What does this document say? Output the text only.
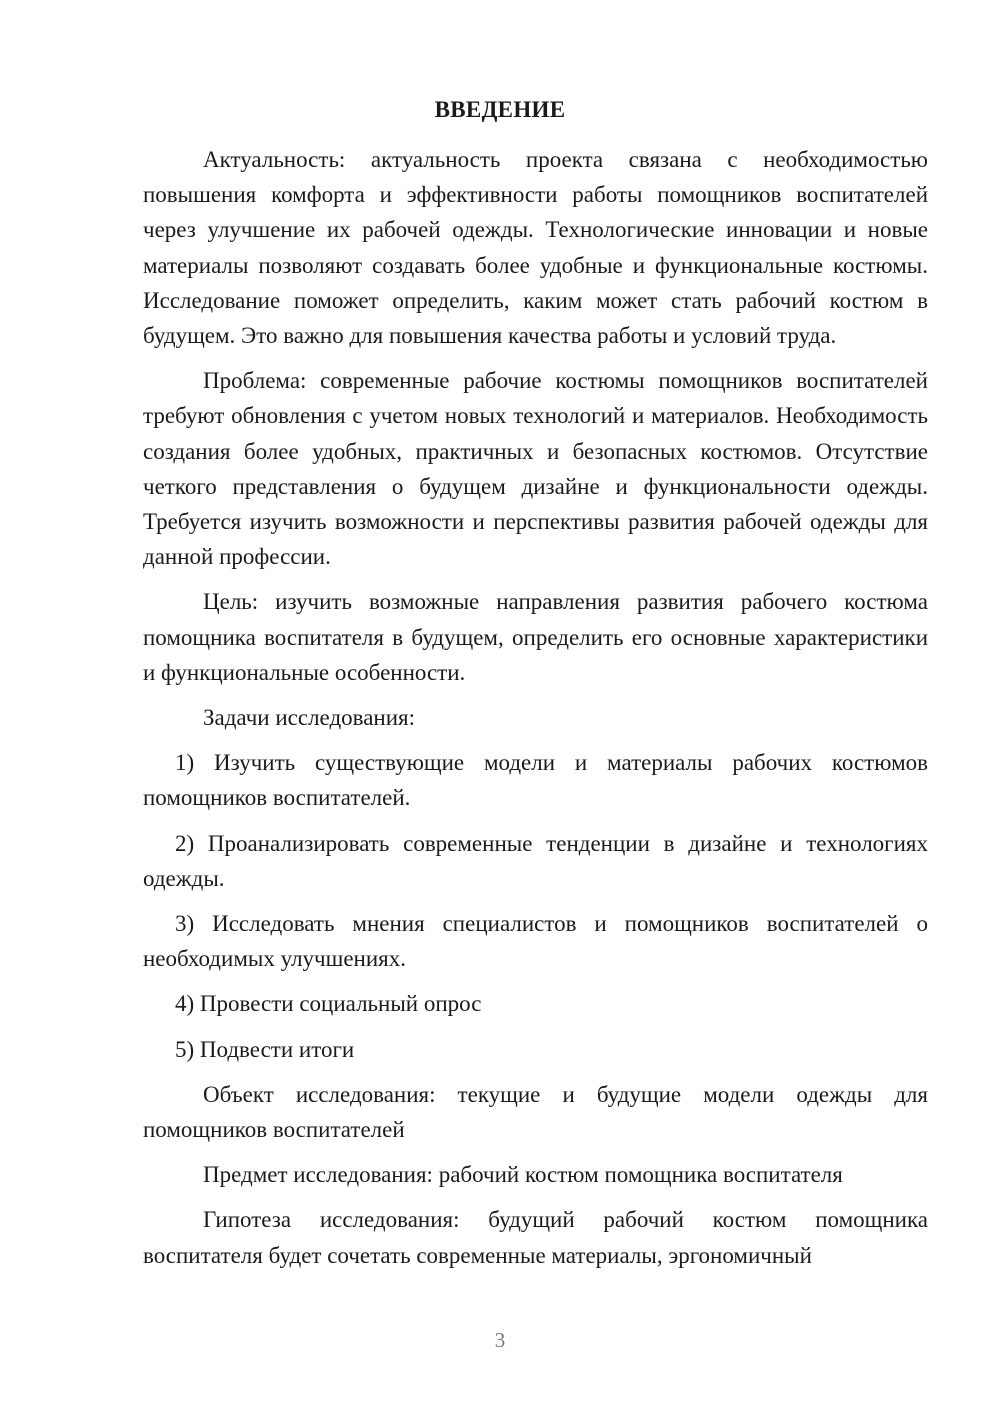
ВВЕДЕНИЕ

Актуальность: актуальность проекта связана с необходимостью повышения комфорта и эффективности работы помощников воспитателей через улучшение их рабочей одежды. Технологические инновации и новые материалы позволяют создавать более удобные и функциональные костюмы. Исследование поможет определить, каким может стать рабочий костюм в будущем. Это важно для повышения качества работы и условий труда.

Проблема: современные рабочие костюмы помощников воспитателей требуют обновления с учетом новых технологий и материалов. Необходимость создания более удобных, практичных и безопасных костюмов. Отсутствие четкого представления о будущем дизайне и функциональности одежды. Требуется изучить возможности и перспективы развития рабочей одежды для данной профессии.

Цель: изучить возможные направления развития рабочего костюма помощника воспитателя в будущем, определить его основные характеристики и функциональные особенности.

Задачи исследования:

1) Изучить существующие модели и материалы рабочих костюмов помощников воспитателей.

2) Проанализировать современные тенденции в дизайне и технологиях одежды.

3) Исследовать мнения специалистов и помощников воспитателей о необходимых улучшениях.

4) Провести социальный опрос

5) Подвести итоги

Объект исследования: текущие и будущие модели одежды для помощников воспитателей

Предмет исследования: рабочий костюм помощника воспитателя

Гипотеза исследования: будущий рабочий костюм помощника воспитателя будет сочетать современные материалы, эргономичный

3
